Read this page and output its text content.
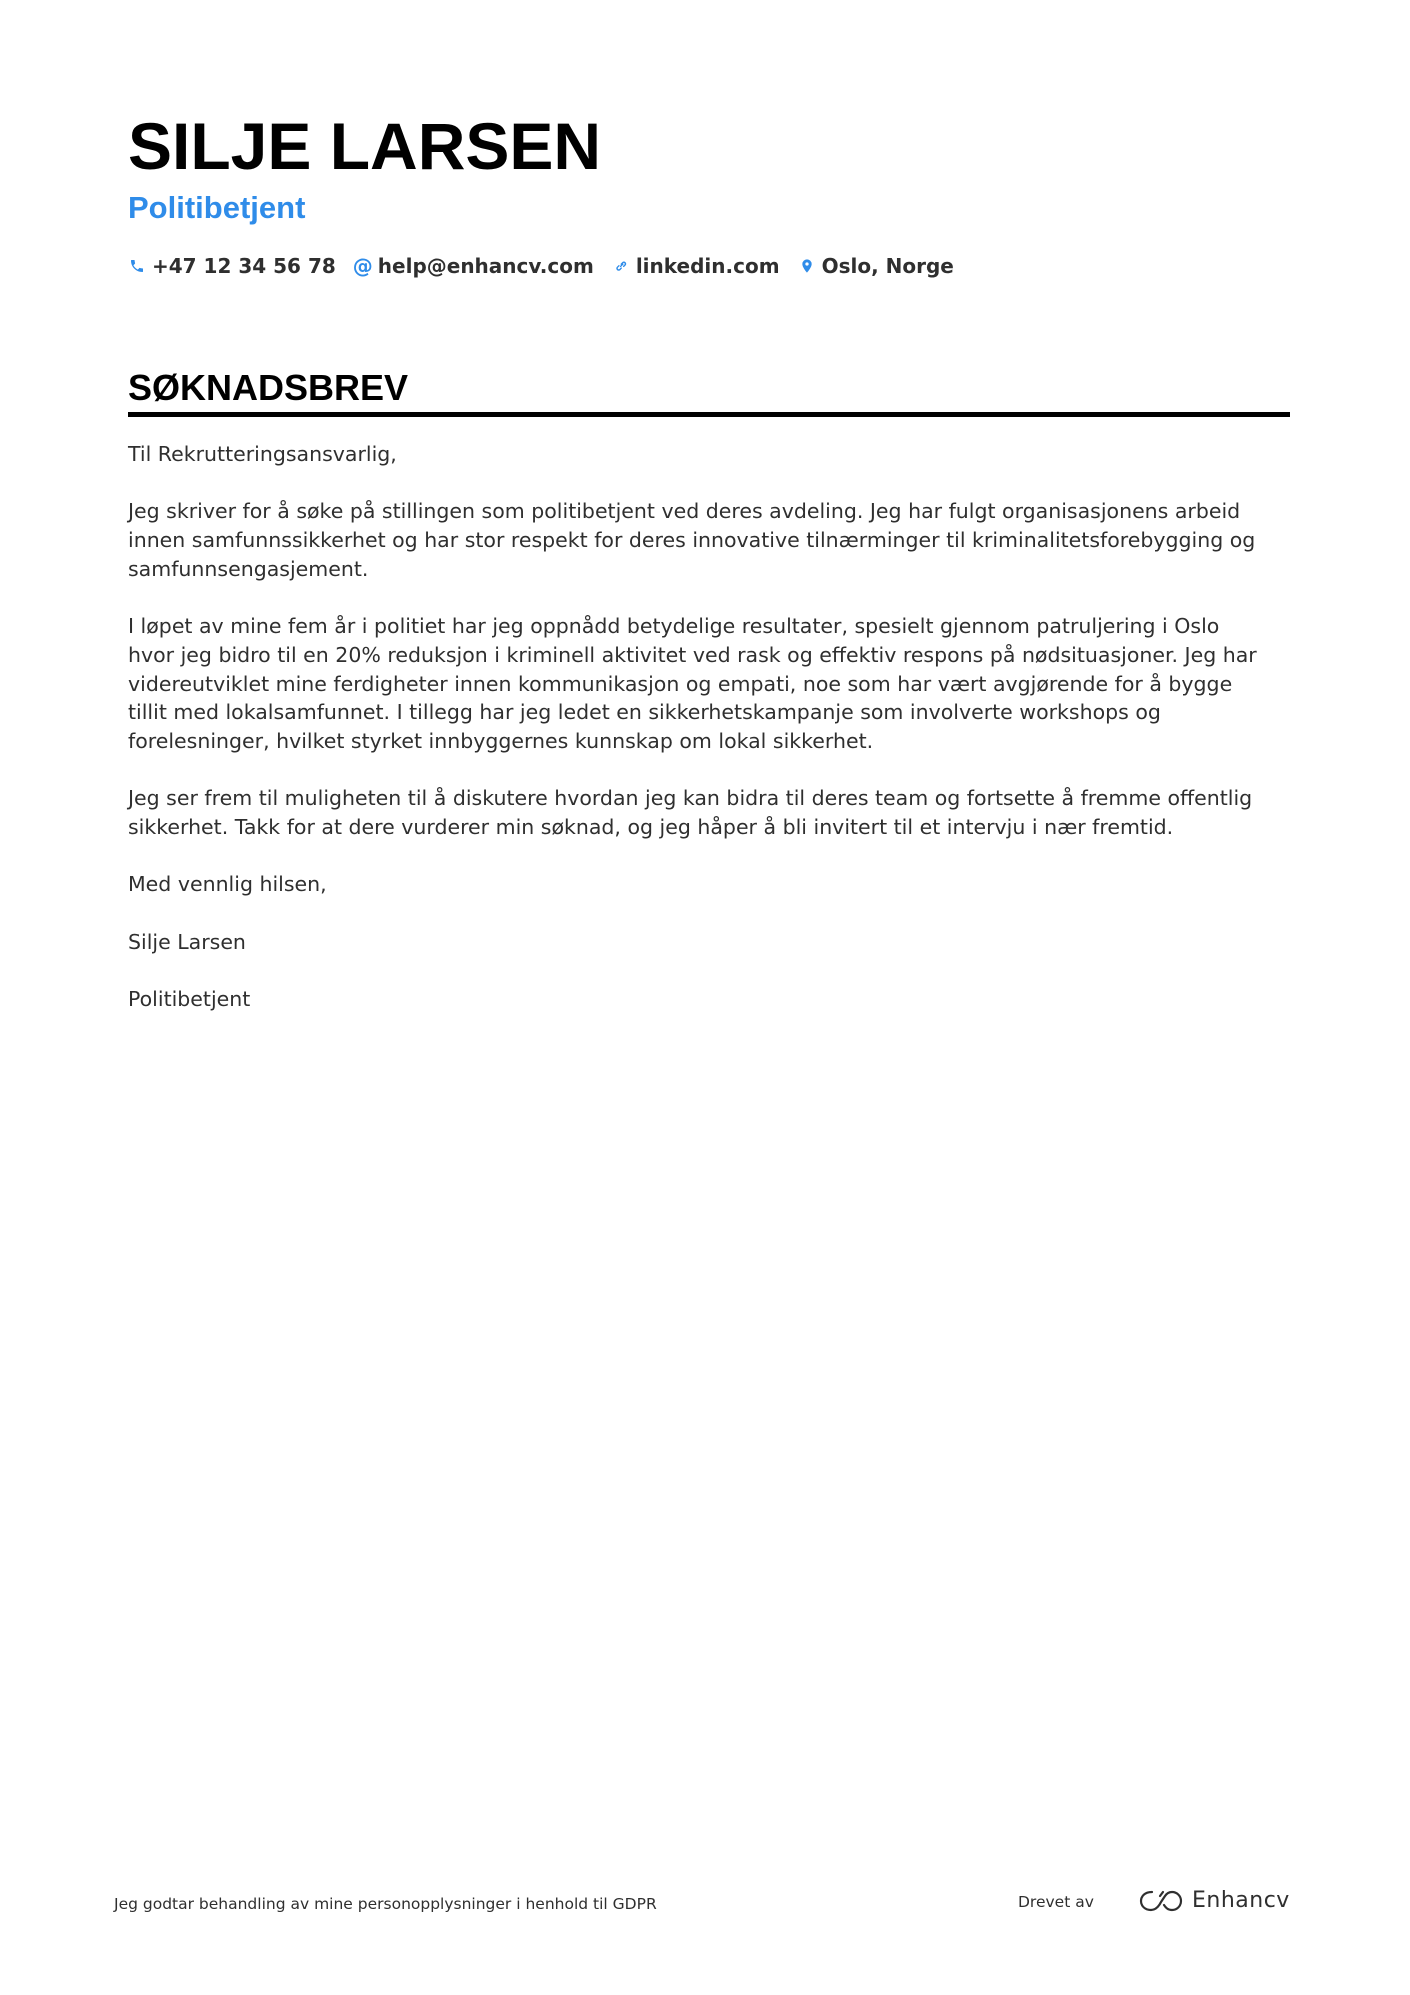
SILJE LARSEN
Politibetjent
+47 12 34 56 78 @ help@enhancv.com linkedin.com Oslo, Norge
SØKNADSBREV

Til Rekrutteringsansvarlig,

Jeg skriver for å søke på stillingen som politibetjent ved deres avdeling. Jeg har fulgt organisasjonens arbeid innen samfunnssikkerhet og har stor respekt for deres innovative tilnærminger til kriminalitetsforebygging og samfunnsengasjement.

I løpet av mine fem år i politiet har jeg oppnådd betydelige resultater, spesielt gjennom patruljering i Oslo hvor jeg bidro til en 20% reduksjon i kriminell aktivitet ved rask og effektiv respons på nødsituasjoner. Jeg har videreutviklet mine ferdigheter innen kommunikasjon og empati, noe som har vært avgjørende for å bygge tillit med lokalsamfunnet. I tillegg har jeg ledet en sikkerhetskampanje som involverte workshops og forelesninger, hvilket styrket innbyggernes kunnskap om lokal sikkerhet.

Jeg ser frem til muligheten til å diskutere hvordan jeg kan bidra til deres team og fortsette å fremme offentlig sikkerhet. Takk for at dere vurderer min søknad, og jeg håper å bli invitert til et intervju i nær fremtid.

Med vennlig hilsen,

Silje Larsen

Politibetjent

Jeg godtar behandling av mine personopplysninger i henhold til GDPR	Drevet av	Enhancv
